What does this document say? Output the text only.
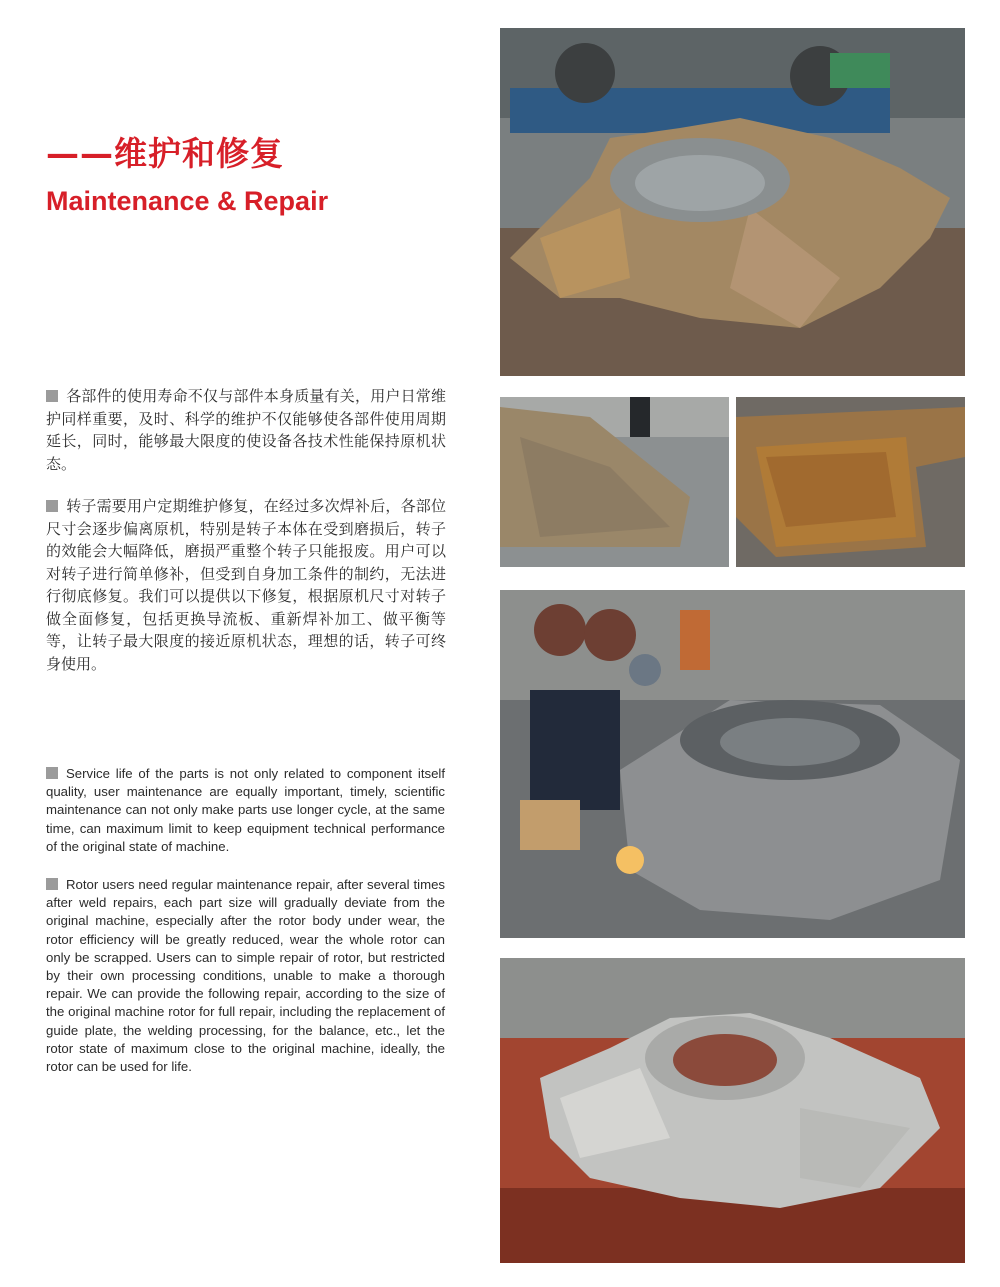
——维护和修复
Maintenance & Repair

各部件的使用寿命不仅与部件本身质量有关，用户日常维护同样重要，及时、科学的维护不仅能够使各部件使用周期延长，同时，能够最大限度的使设备各技术性能保持原机状态。

转子需要用户定期维护修复，在经过多次焊补后，各部位尺寸会逐步偏离原机，特别是转子本体在受到磨损后，转子的效能会大幅降低，磨损严重整个转子只能报废。用户可以对转子进行简单修补，但受到自身加工条件的制约，无法进行彻底修复。我们可以提供以下修复，根据原机尺寸对转子做全面修复，包括更换导流板、重新焊补加工、做平衡等等，让转子最大限度的接近原机状态，理想的话，转子可终身使用。

Service life of the parts is not only related to component itself quality, user maintenance are equally important, timely, scientific maintenance can not only make parts use longer cycle, at the same time, can maximum limit to keep equipment technical performance of the original state of machine.

Rotor users need regular maintenance repair, after several times after weld repairs, each part size will gradually deviate from the original machine, especially after the rotor body under wear, the rotor efficiency will be greatly reduced, wear the whole rotor can only be scrapped. Users can to simple repair of rotor, but restricted by their own processing conditions, unable to make a thorough repair. We can provide the following repair, according to the size of the original machine rotor for full repair, including the replacement of guide plate, the welding processing, for the balance, etc., let the rotor state of maximum close to the original machine, ideally, the rotor can be used for life.
